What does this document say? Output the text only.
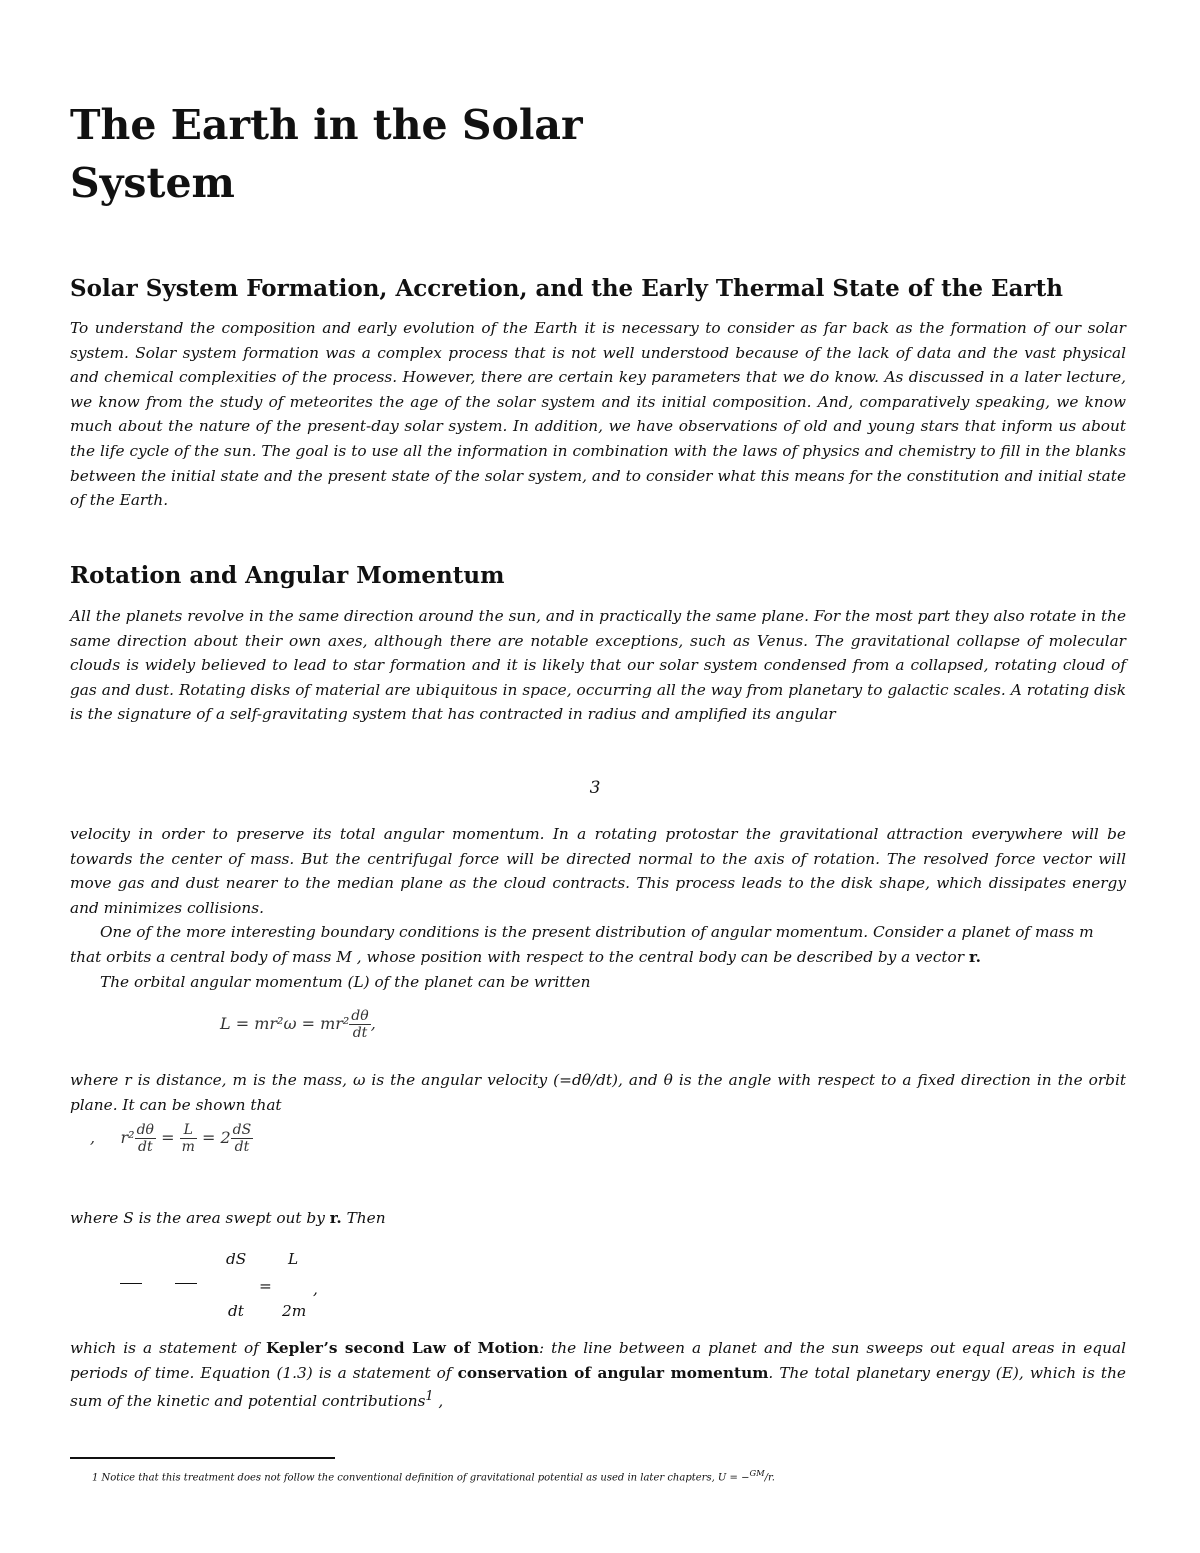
The Earth in the Solar
System
Solar System Formation, Accretion, and the Early Thermal State of the Earth

To understand the composition and early evolution of the Earth it is necessary to consider as far back as the formation of our solar system. Solar system formation was a complex process that is not well understood because of the lack of data and the vast physical and chemical complexities of the process. However, there are certain key parameters that we do know. As discussed in a later lecture, we know from the study of meteorites the age of the solar system and its initial composition. And, comparatively speaking, we know much about the nature of the present-day solar system. In addition, we have observations of old and young stars that inform us about the life cycle of the sun. The goal is to use all the information in combination with the laws of physics and chemistry to fill in the blanks between the initial state and the present state of the solar system, and to consider what this means for the constitution and initial state of the Earth.

Rotation and Angular Momentum

All the planets revolve in the same direction around the sun, and in practically the same plane. For the most part they also rotate in the same direction about their own axes, although there are notable exceptions, such as Venus. The gravitational collapse of molecular clouds is widely believed to lead to star formation and it is likely that our solar system condensed from a collapsed, rotating cloud of gas and dust. Rotating disks of material are ubiquitous in space, occurring all the way from planetary to galactic scales. A rotating disk is the signature of a self-gravitating system that has contracted in radius and amplified its angular

3

velocity in order to preserve its total angular momentum. In a rotating protostar the gravitational attraction everywhere will be towards the center of mass. But the centrifugal force will be directed normal to the axis of rotation. The resolved force vector will move gas and dust nearer to the median plane as the cloud contracts. This process leads to the disk shape, which dissipates energy and minimizes collisions.

One of the more interesting boundary conditions is the present distribution of angular momentum. Consider a planet of mass m that orbits a central body of mass M , whose position with respect to the central body can be described by a vector r.

The orbital angular momentum (L) of the planet can be written

$L = mr^2\omega = mr^2 \frac{d\theta}{dt}$ ,

where r is distance, m is the mass, ω is the angular velocity (=dθ/dt), and θ is the angle with respect to a fixed direction in the orbit plane. It can be shown that

, $r^2 \frac{d\theta}{dt} = \frac{L}{m} = 2 \frac{dS}{dt}$

where S is the area swept out by r. Then

dS	L
=	,
dt 2m

which is a statement of Kepler’s second Law of Motion: the line between a planet and the sun sweeps out equal areas in equal periods of time. Equation (1.3) is a statement of conservation of angular momentum. The total planetary energy (E), which is the sum of the kinetic and potential contributions$^1$ ,

1 Notice that this treatment does not follow the conventional definition of gravitational potential as used in later chapters, U = −$^{GM}$/r.
